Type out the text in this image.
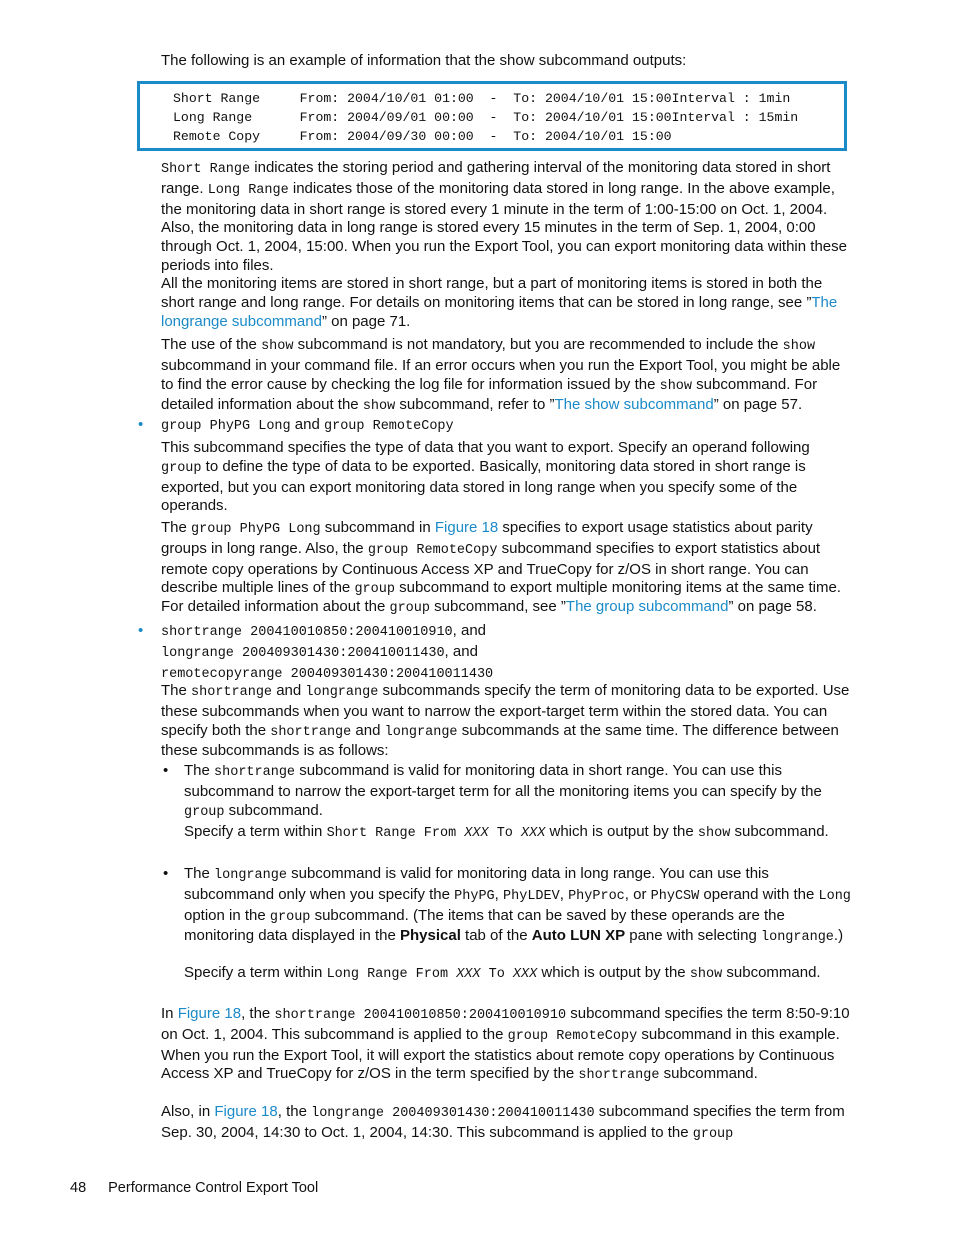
The following is an example of information that the show subcommand outputs:
Short Range     From: 2004/10/01 01:00  -  To: 2004/10/01 15:00Interval : 1min
Long Range      From: 2004/09/01 00:00  -  To: 2004/10/01 15:00Interval : 15min
Remote Copy     From: 2004/09/30 00:00  -  To: 2004/10/01 15:00
Short Range indicates the storing period and gathering interval of the monitoring data stored in short range. Long Range indicates those of the monitoring data stored in long range. In the above example, the monitoring data in short range is stored every 1 minute in the term of 1:00-15:00 on Oct. 1, 2004. Also, the monitoring data in long range is stored every 15 minutes in the term of Sep. 1, 2004, 0:00 through Oct. 1, 2004, 15:00. When you run the Export Tool, you can export monitoring data within these periods into files.
All the monitoring items are stored in short range, but a part of monitoring items is stored in both the short range and long range. For details on monitoring items that can be stored in long range, see ”The longrange subcommand” on page 71.
The use of the show subcommand is not mandatory, but you are recommended to include the show subcommand in your command file. If an error occurs when you run the Export Tool, you might be able to find the error cause by checking the log file for information issued by the show subcommand. For detailed information about the show subcommand, refer to ”The show subcommand” on page 57.
• group PhyPG Long and group RemoteCopy
This subcommand specifies the type of data that you want to export. Specify an operand following group to define the type of data to be exported. Basically, monitoring data stored in short range is exported, but you can export monitoring data stored in long range when you specify some of the operands.
The group PhyPG Long subcommand in Figure 18 specifies to export usage statistics about parity groups in long range. Also, the group RemoteCopy subcommand specifies to export statistics about remote copy operations by Continuous Access XP and TrueCopy for z/OS in short range. You can describe multiple lines of the group subcommand to export multiple monitoring items at the same time.
For detailed information about the group subcommand, see ”The group subcommand” on page 58.
• shortrange 200410010850:200410010910, and
longrange 200409301430:200410011430, and
remotecopyrange 200409301430:200410011430
The shortrange and longrange subcommands specify the term of monitoring data to be exported. Use these subcommands when you want to narrow the export-target term within the stored data. You can specify both the shortrange and longrange subcommands at the same time. The difference between these subcommands is as follows:
• The shortrange subcommand is valid for monitoring data in short range. You can use this subcommand to narrow the export-target term for all the monitoring items you can specify by the group subcommand.
Specify a term within Short Range From XXX To XXX which is output by the show subcommand.
• The longrange subcommand is valid for monitoring data in long range. You can use this subcommand only when you specify the PhyPG, PhyLDEV, PhyProc, or PhyCSW operand with the Long option in the group subcommand. (The items that can be saved by these operands are the monitoring data displayed in the Physical tab of the Auto LUN XP pane with selecting longrange.)
Specify a term within Long Range From XXX To XXX which is output by the show subcommand.
In Figure 18, the shortrange 200410010850:200410010910 subcommand specifies the term 8:50-9:10 on Oct. 1, 2004. This subcommand is applied to the group RemoteCopy subcommand in this example. When you run the Export Tool, it will export the statistics about remote copy operations by Continuous Access XP and TrueCopy for z/OS in the term specified by the shortrange subcommand.
Also, in Figure 18, the longrange 200409301430:200410011430 subcommand specifies the term from Sep. 30, 2004, 14:30 to Oct. 1, 2004, 14:30. This subcommand is applied to the group
48 Performance Control Export Tool
